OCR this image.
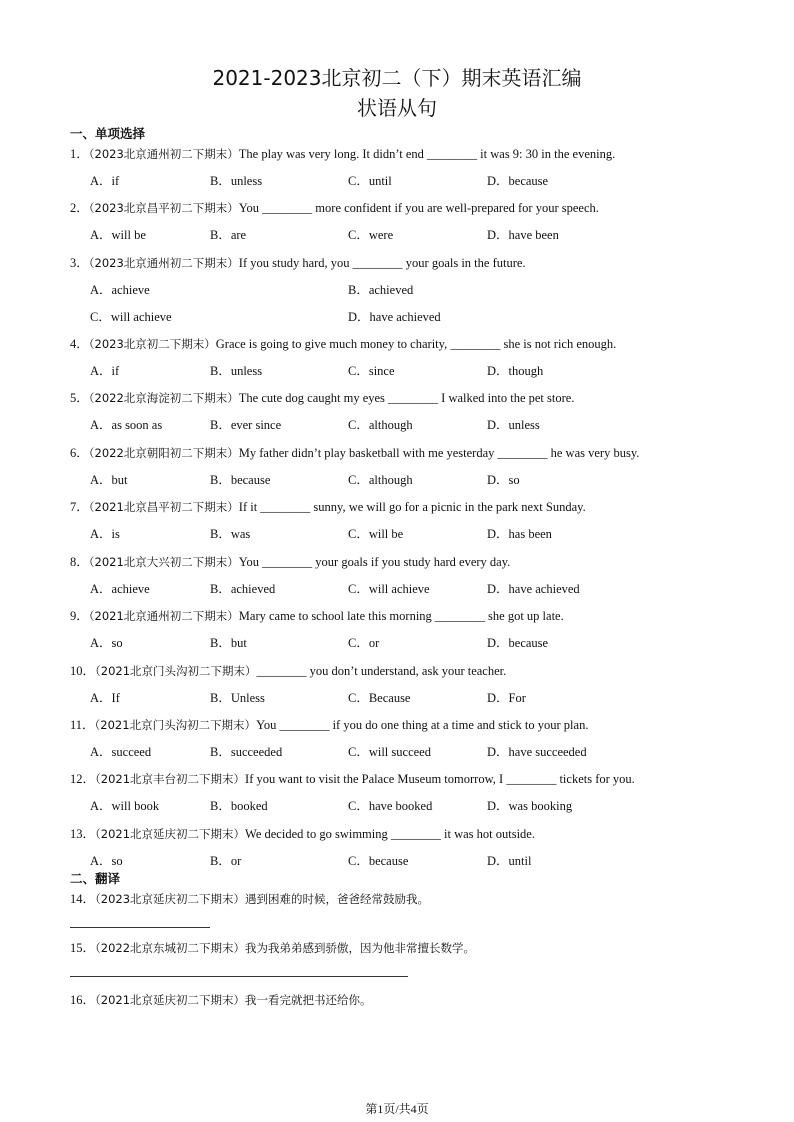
2021-2023北京初二（下）期末英语汇编
状语从句
一、单项选择
1．（2023北京通州初二下期末）The play was very long. It didn’t end ________ it was 9: 30 in the evening.
A．if	B．unless	C．until	D．because
2．（2023北京昌平初二下期末）You ________ more confident if you are well-prepared for your speech.
A．will be	B．are	C．were	D．have been
3．（2023北京通州初二下期末）If you study hard, you ________ your goals in the future.
A．achieve	B．achieved
C．will achieve	D．have achieved
4．（2023北京初二下期末）Grace is going to give much money to charity, ________ she is not rich enough.
A．if	B．unless	C．since	D．though
5．（2022北京海淀初二下期末）The cute dog caught my eyes ________ I walked into the pet store.
A．as soon as	B．ever since	C．although	D．unless
6．（2022北京朝阳初二下期末）My father didn’t play basketball with me yesterday ________ he was very busy.
A．but	B．because	C．although	D．so
7．（2021北京昌平初二下期末）If it ________ sunny, we will go for a picnic in the park next Sunday.
A．is	B．was	C．will be	D．has been
8．（2021北京大兴初二下期末）You ________ your goals if you study hard every day.
A．achieve	B．achieved	C．will achieve	D．have achieved
9．（2021北京通州初二下期末）Mary came to school late this morning ________ she got up late.
A．so	B．but	C．or	D．because
10．（2021北京门头沟初二下期末）________ you don’t understand, ask your teacher.
A．If	B．Unless	C．Because	D．For
11．（2021北京门头沟初二下期末）You ________ if you do one thing at a time and stick to your plan.
A．succeed	B．succeeded	C．will succeed	D．have succeeded
12．（2021北京丰台初二下期末）If you want to visit the Palace Museum tomorrow, I ________ tickets for you.
A．will book	B．booked	C．have booked	D．was booking
13．（2021北京延庆初二下期末）We decided to go swimming ________ it was hot outside.
A．so	B．or	C．because	D．until
二、翻译
14．（2023北京延庆初二下期末）遇到困难的时候，爸爸经常鼓励我。
15．（2022北京东城初二下期末）我为我弟弟感到骄傲，因为他非常擅长数学。
16．（2021北京延庆初二下期末）我一看完就把书还给你。
第1页/共4页
